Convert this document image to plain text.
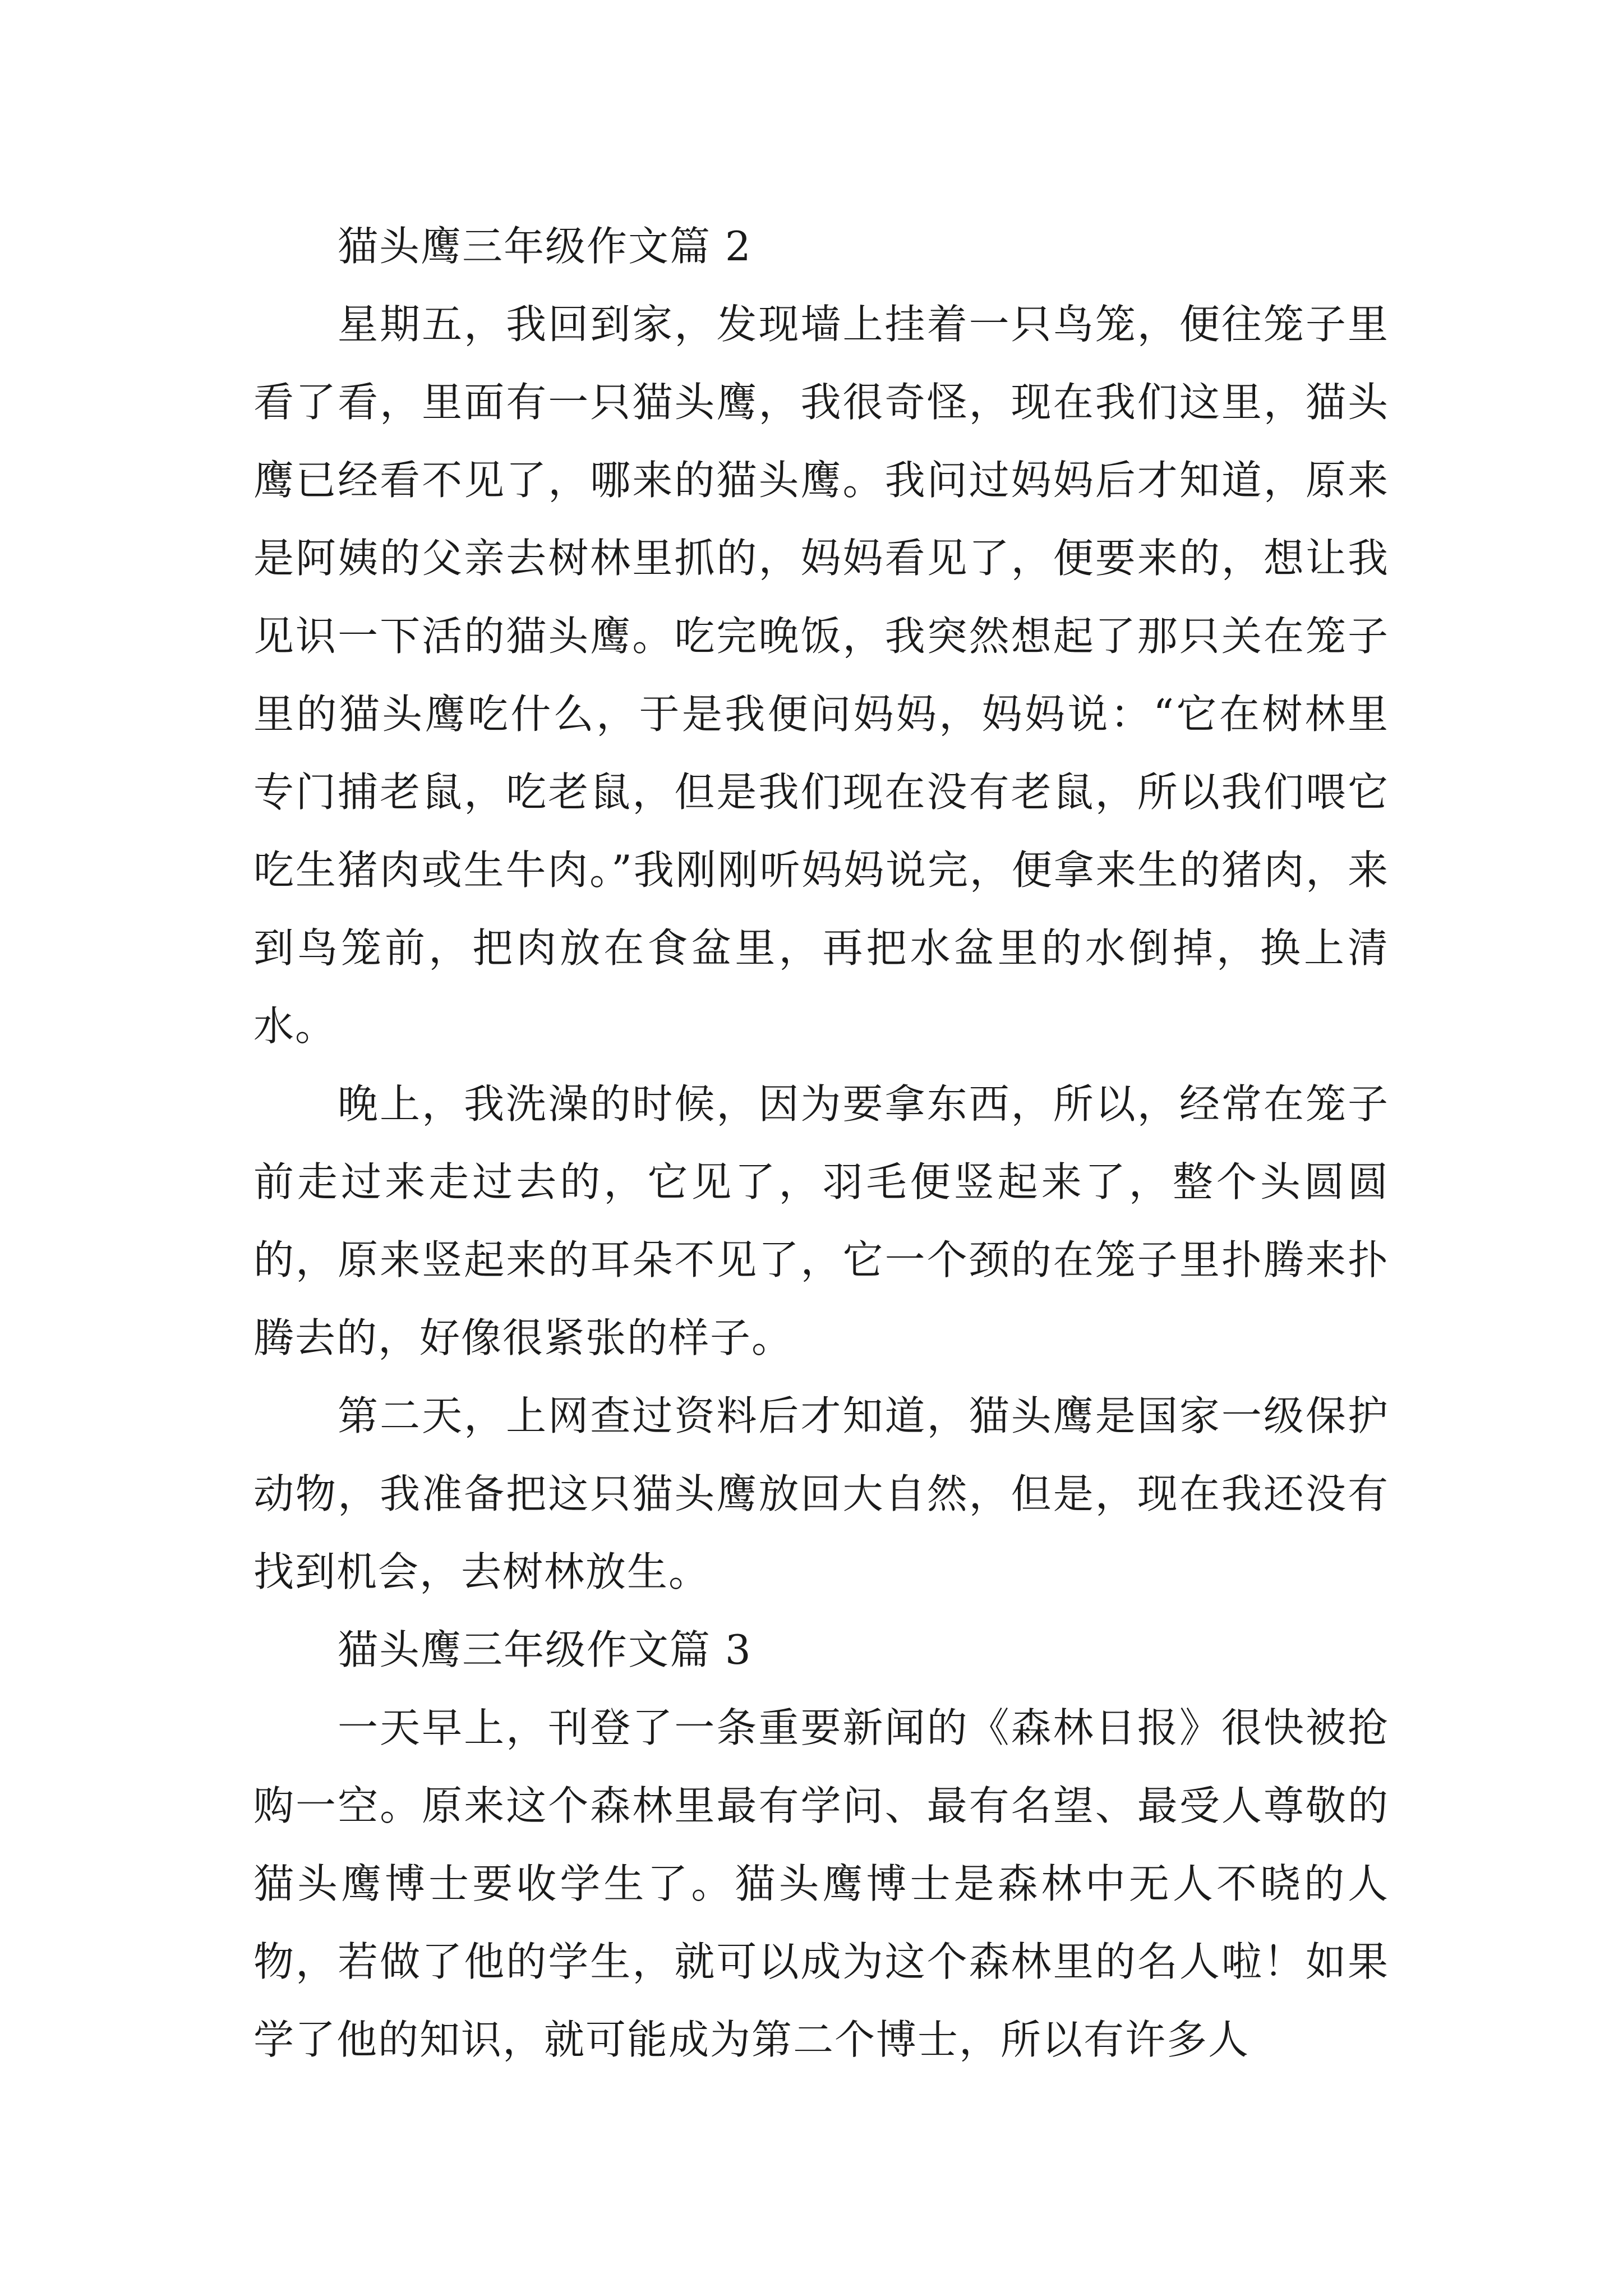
猫头鹰三年级作文篇 2

星期五，我回到家，发现墙上挂着一只鸟笼，便往笼子里看了看，里面有一只猫头鹰，我很奇怪，现在我们这里，猫头鹰已经看不见了，哪来的猫头鹰。我问过妈妈后才知道，原来是阿姨的父亲去树林里抓的，妈妈看见了，便要来的，想让我见识一下活的猫头鹰。吃完晚饭，我突然想起了那只关在笼子里的猫头鹰吃什么，于是我便问妈妈，妈妈说：“它在树林里专门捕老鼠，吃老鼠，但是我们现在没有老鼠，所以我们喂它吃生猪肉或生牛肉。”我刚刚听妈妈说完，便拿来生的猪肉，来到鸟笼前，把肉放在食盆里，再把水盆里的水倒掉，换上清水。

晚上，我洗澡的时候，因为要拿东西，所以，经常在笼子前走过来走过去的，它见了，羽毛便竖起来了，整个头圆圆的，原来竖起来的耳朵不见了，它一个颈的在笼子里扑腾来扑腾去的，好像很紧张的样子。

第二天，上网查过资料后才知道，猫头鹰是国家一级保护动物，我准备把这只猫头鹰放回大自然，但是，现在我还没有找到机会，去树林放生。

猫头鹰三年级作文篇 3

一天早上，刊登了一条重要新闻的《森林日报》很快被抢购一空。原来这个森林里最有学问、最有名望、最受人尊敬的猫头鹰博士要收学生了。猫头鹰博士是森林中无人不晓的人物，若做了他的学生，就可以成为这个森林里的名人啦！如果学了他的知识，就可能成为第二个博士，所以有许多人
